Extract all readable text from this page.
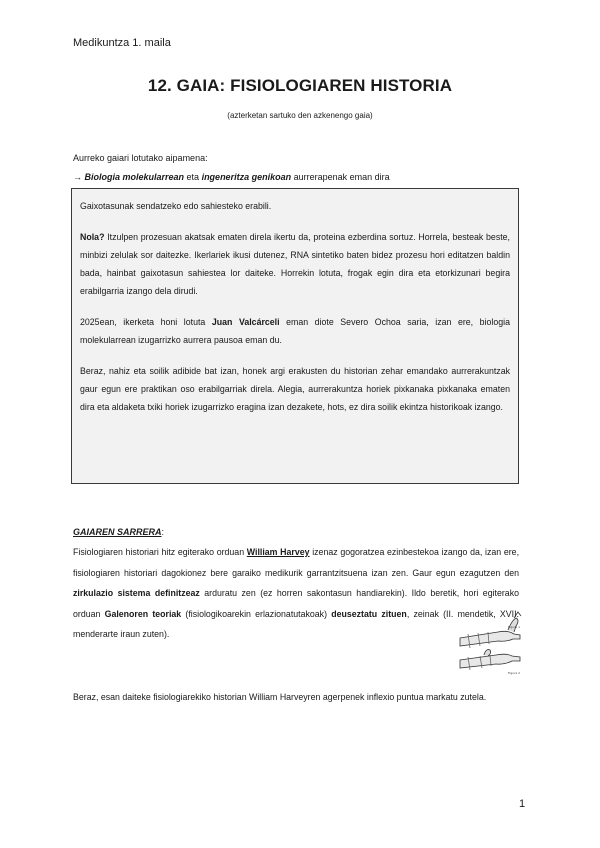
Medikuntza 1. maila
12. GAIA: FISIOLOGIAREN HISTORIA
(azterketan sartuko den azkenengo gaia)
Aurreko gaiari lotutako aipamena:
→ Biologia molekularrean eta ingeneritza genikoan aurrerapenak eman dira

Gaixotasunak sendatzeko edo sahiesteko erabili.

Nola? Itzulpen prozesuan akatsak ematen direla ikertu da, proteina ezberdina sortuz. Horrela, besteak beste, minbizi zelulak sor daitezke. Ikerlariek ikusi dutenez, RNA sintetiko baten bidez prozesu hori editatzen baldin bada, hainbat gaixotasun sahiestea lor daiteke. Horrekin lotuta, frogak egin dira eta etorkizunari begira erabilgarria izango dela dirudi.

2025ean, ikerketa honi lotuta Juan Valcárceli eman diote Severo Ochoa saria, izan ere, biologia molekularrean izugarrizko aurrera pausoa eman du.

Beraz, nahiz eta soilik adibide bat izan, honek argi erakusten du historian zehar emandako aurrerakuntzak gaur egun ere praktikan oso erabilgarriak direla. Alegia, aurrerakuntza horiek pixkanaka pixkanaka ematen dira eta aldaketa txiki horiek izugarrizko eragina izan dezakete, hots, ez dira soilik ekintza historikoak izango.

GAIAREN SARRERA:
Fisiologiaren historiari hitz egiterako orduan William Harvey izenaz gogoratzea ezinbestekoa izango da, izan ere, fisiologiaren historiari dagokionez bere garaiko medikurik garrantzitsuena izan zen. Gaur egun ezagutzen den zirkulazio sistema definitzeaz arduratu zen (ez horren sakontasun handiarekin). Ildo beretik, hori egiterako orduan Galenoren teoriak (fisiologikoarekin erlazionatutakoak) deuseztatu zituen, zeinak (II. mendetik, XVII. menderarte iraun zuten).
Figura 1
Figura 2
Beraz, esan daiteke fisiologiarekiko historian William Harveyren agerpenek inflexio puntua markatu zutela.
1
